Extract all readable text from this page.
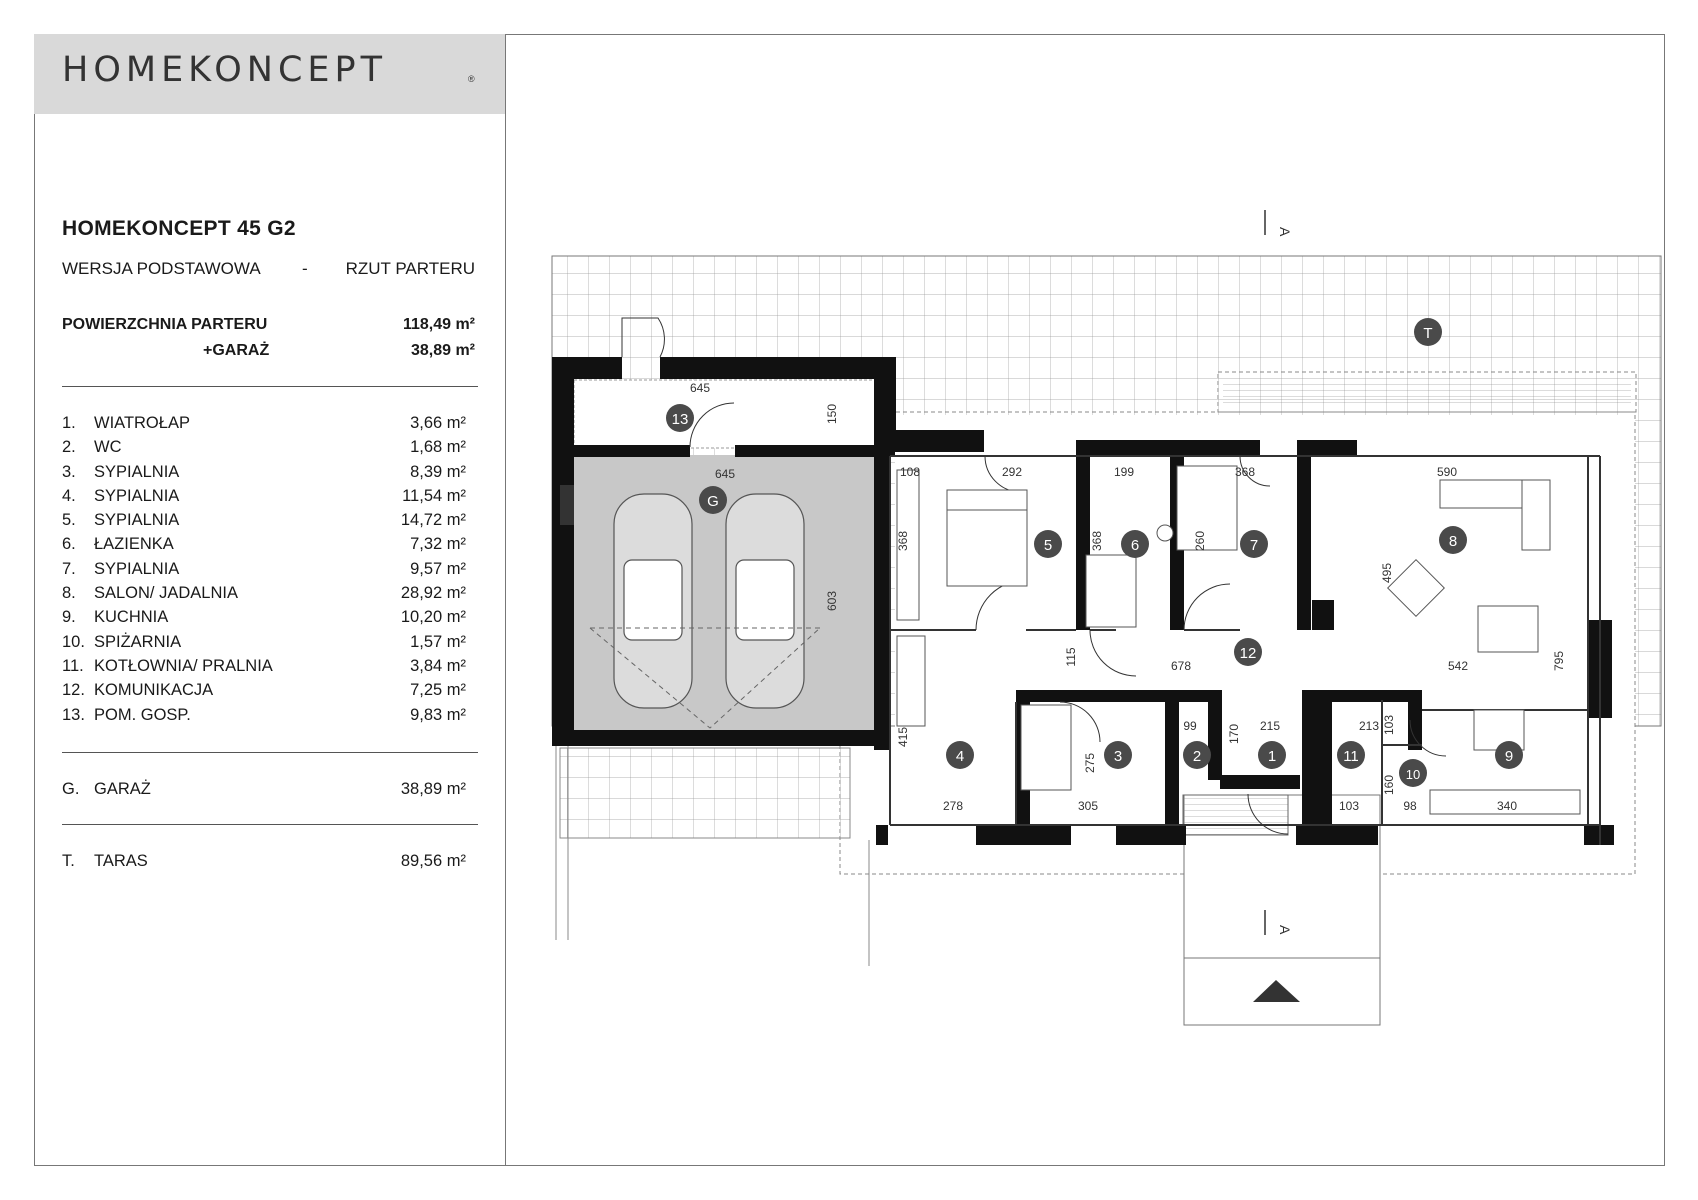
HOMEKONCEPT	®
HOMEKONCEPT 45 G2
WERSJA PODSTAWOWA - RZUT PARTERU
POWIERZCHNIA PARTERU	118,49 m²
+GARAŻ	38,89 m²
1. WIATROŁAP	3,66 m²
2. WC	1,68 m²
3. SYPIALNIA	8,39 m²
4. SYPIALNIA	11,54 m²
5. SYPIALNIA	14,72 m²
6. ŁAZIENKA	7,32 m²
7. SYPIALNIA	9,57 m²
8. SALON/ JADALNIA	28,92 m²
9. KUCHNIA	10,20 m²
10. SPIŻARNIA	1,57 m²
11. KOTŁOWNIA/ PRALNIA	3,84 m²
12. KOMUNIKACJA	7,25 m²
13. POM. GOSP.	9,83 m²
G. GARAŻ	38,89 m²
T. TARAS	89,56 m²
13
G
T
5	6	7	8
12
4	3	2	1	11
10
9
A
A
645
150
645
603
108	292
368
199
368
368
260
590
495
795
542
115	678
415
278
275
305
99	170 215	213 103
103
160
98	340
